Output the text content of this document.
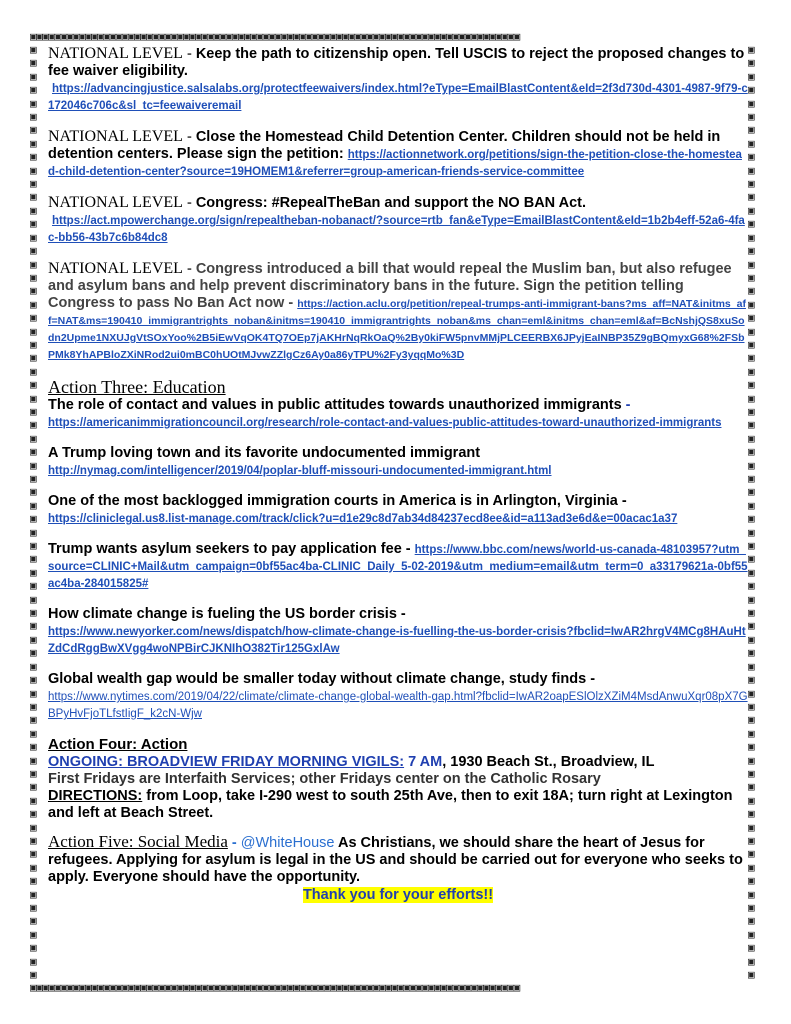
▣▣▣▣▣▣▣▣▣▣▣▣▣▣▣▣▣▣▣▣▣▣▣▣▣▣▣▣▣▣▣▣▣▣▣▣▣▣▣▣▣▣▣▣▣▣▣▣▣▣▣▣▣▣▣▣▣▣▣▣▣▣▣▣▣▣▣▣▣▣▣▣▣▣▣▣▣▣▣▣
▣▣▣▣▣▣▣▣▣▣▣▣▣▣▣▣▣▣▣▣▣▣▣▣▣▣▣▣▣▣▣▣▣▣▣▣▣▣▣▣▣▣▣▣▣▣▣▣▣▣▣▣▣▣▣▣▣▣▣▣▣▣▣▣▣▣▣▣▣▣▣▣▣▣▣▣▣▣▣▣
▣▣▣▣▣▣▣▣▣▣▣▣▣▣▣▣▣▣▣▣▣▣▣▣▣▣▣▣▣▣▣▣▣▣▣▣▣▣▣▣▣▣▣▣▣▣▣▣▣▣▣▣▣▣▣▣▣▣▣▣▣▣▣▣▣▣▣▣▣▣
▣▣▣▣▣▣▣▣▣▣▣▣▣▣▣▣▣▣▣▣▣▣▣▣▣▣▣▣▣▣▣▣▣▣▣▣▣▣▣▣▣▣▣▣▣▣▣▣▣▣▣▣▣▣▣▣▣▣▣▣▣▣▣▣▣▣▣▣▣▣
NATIONAL LEVEL - Keep the path to citizenship open. Tell USCIS to reject the proposed changes to fee waiver eligibility.
https://advancingjustice.salsalabs.org/protectfeewaivers/index.html?eType=EmailBlastContent&eId=2f3d730d-4301-4987-9f79-c172046c706c&sl_tc=feewaiveremail
NATIONAL LEVEL - Close the Homestead Child Detention Center. Children should not be held in detention centers. Please sign the petition: https://actionnetwork.org/petitions/sign-the-petition-close-the-homestead-child-detention-center?source=19HOMEM1&referrer=group-american-friends-service-committee
NATIONAL LEVEL - Congress: #RepealTheBan and support the NO BAN Act.
https://act.mpowerchange.org/sign/repealtheban-nobanact/?source=rtb_fan&eType=EmailBlastContent&eId=1b2b4eff-52a6-4fac-bb56-43b7c6b84dc8
NATIONAL LEVEL - Congress introduced a bill that would repeal the Muslim ban, but also refugee and asylum bans and help prevent discriminatory bans in the future. Sign the petition telling Congress to pass No Ban Act now - https://action.aclu.org/petition/repeal-trumps-anti-immigrant-bans?ms_aff=NAT&initms_aff=NAT&ms=190410_immigrantrights_noban&initms=190410_immigrantrights_noban&ms_chan=eml&initms_chan=eml&af=BcNshjQS8xuSodn2Upme1NXUJgVtSOxYoo%2B5iEwVqOK4TQ7OEp7jAKHrNqRkOaQ%2By0kiFW5pnvMMjPLCEERBX6JPyjEaINBP35Z9gBQmyxG68%2FSbPMk8YhAPBloZXiNRod2ui0mBC0hUOtMJvwZZlgCz6Ay0a86yTPU%2Fy3yqqMo%3D
Action Three: Education
The role of contact and values in public attitudes towards unauthorized immigrants -
https://americanimmigrationcouncil.org/research/role-contact-and-values-public-attitudes-toward-unauthorized-immigrants
A Trump loving town and its favorite undocumented immigrant
http://nymag.com/intelligencer/2019/04/poplar-bluff-missouri-undocumented-immigrant.html
One of the most backlogged immigration courts in America is in Arlington, Virginia -
https://cliniclegal.us8.list-manage.com/track/click?u=d1e29c8d7ab34d84237ecd8ee&id=a113ad3e6d&e=00acac1a37
Trump wants asylum seekers to pay application fee - https://www.bbc.com/news/world-us-canada-48103957?utm_source=CLINIC+Mail&utm_campaign=0bf55ac4ba-CLINIC_Daily_5-02-2019&utm_medium=email&utm_term=0_a33179621a-0bf55ac4ba-284015825#
How climate change is fueling the US border crisis -
https://www.newyorker.com/news/dispatch/how-climate-change-is-fuelling-the-us-border-crisis?fbclid=IwAR2hrgV4MCg8HAuHtZdCdRggBwXVgg4woNPBirCJKNIhO382Tir125GxlAw
Global wealth gap would be smaller today without climate change, study finds -
https://www.nytimes.com/2019/04/22/climate/climate-change-global-wealth-gap.html?fbclid=IwAR2oapESlOlzXZiM4MsdAnwuXqr08pX7GBPyHvFjoTLfstIigF_k2cN-Wjw
Action Four: Action
ONGOING: BROADVIEW FRIDAY MORNING VIGILS: 7 AM, 1930 Beach St., Broadview, IL
First Fridays are Interfaith Services; other Fridays center on the Catholic Rosary
DIRECTIONS: from Loop, take I-290 west to south 25th Ave, then to exit 18A; turn right at Lexington and left at Beach Street.
Action Five: Social Media - @WhiteHouse As Christians, we should share the heart of Jesus for refugees. Applying for asylum is legal in the US and should be carried out for everyone who seeks to apply. Everyone should have the opportunity.
Thank you for your efforts!!
